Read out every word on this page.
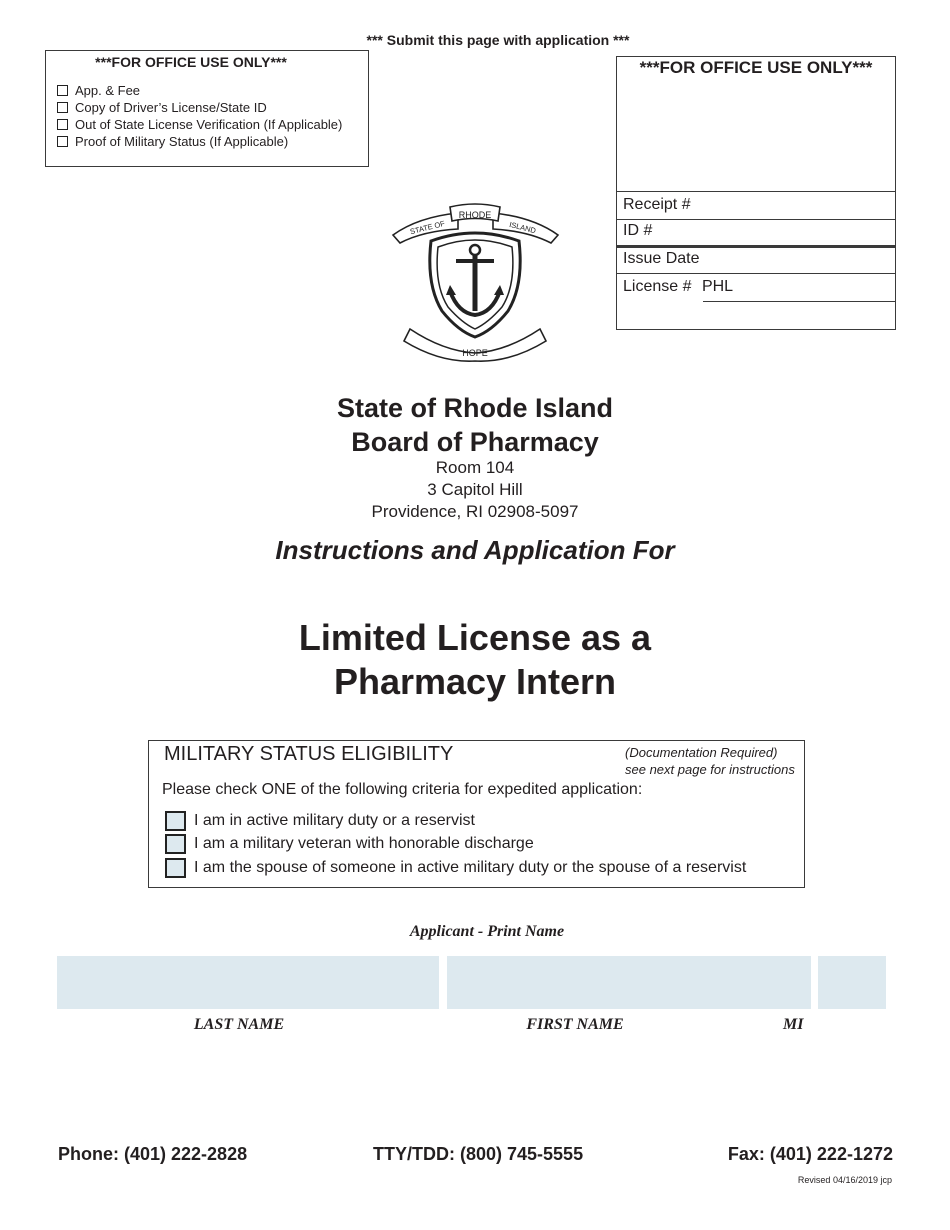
*** Submit this page with application ***
***FOR OFFICE USE ONLY***
App. & Fee
Copy of Driver’s License/State ID
Out of State License Verification (If Applicable)
Proof of Military Status (If Applicable)
***FOR OFFICE USE ONLY***
Receipt #
ID #
Issue Date
License # PHL
RHODE
STATE OF	ISLAND
HOPE
State of Rhode Island
Board of Pharmacy
Room 104
3 Capitol Hill
Providence, RI 02908-5097
Instructions and Application For
Limited License as a
Pharmacy Intern
MILITARY STATUS ELIGIBILITY	(Documentation Required)
see next page for instructions
Please check ONE of the following criteria for expedited application:
I am in active military duty or a reservist
I am a military veteran with honorable discharge
I am the spouse of someone in active military duty or the spouse of a reservist
Applicant - Print Name
LAST NAME	FIRST NAME	MI
Phone: (401) 222-2828	TTY/TDD: (800) 745-5555	Fax: (401) 222-1272
Revised 04/16/2019 jcp
